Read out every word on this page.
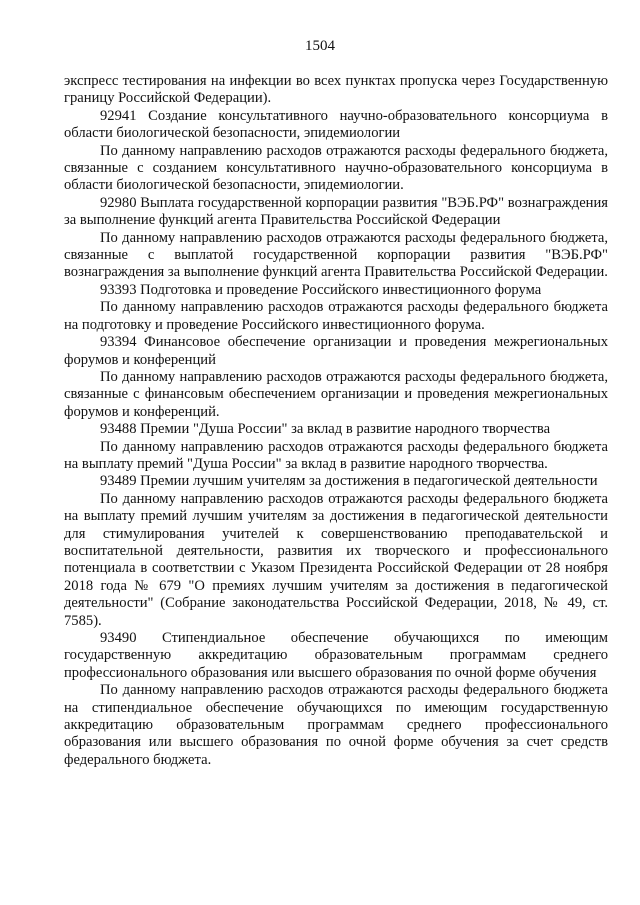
1504

экспресс тестирования на инфекции во всех пунктах пропуска через Государственную границу Российской Федерации).

92941 Создание консультативного научно-образовательного консорциума в области биологической безопасности, эпидемиологии

По данному направлению расходов отражаются расходы федерального бюджета, связанные с созданием консультативного научно-образовательного консорциума в области биологической безопасности, эпидемиологии.

92980 Выплата государственной корпорации развития "ВЭБ.РФ" вознаграждения за выполнение функций агента Правительства Российской Федерации

По данному направлению расходов отражаются расходы федерального бюджета, связанные с выплатой государственной корпорации развития "ВЭБ.РФ" вознаграждения за выполнение функций агента Правительства Российской Федерации.

93393 Подготовка и проведение Российского инвестиционного форума

По данному направлению расходов отражаются расходы федерального бюджета на подготовку и проведение Российского инвестиционного форума.

93394 Финансовое обеспечение организации и проведения межрегиональных форумов и конференций

По данному направлению расходов отражаются расходы федерального бюджета, связанные с финансовым обеспечением организации и проведения межрегиональных форумов и конференций.

93488 Премии "Душа России" за вклад в развитие народного творчества

По данному направлению расходов отражаются расходы федерального бюджета на выплату премий "Душа России" за вклад в развитие народного творчества.

93489 Премии лучшим учителям за достижения в педагогической деятельности

По данному направлению расходов отражаются расходы федерального бюджета на выплату премий лучшим учителям за достижения в педагогической деятельности для стимулирования учителей к совершенствованию преподавательской и воспитательной деятельности, развития их творческого и профессионального потенциала в соответствии с Указом Президента Российской Федерации от 28 ноября 2018 года № 679 "О премиях лучшим учителям за достижения в педагогической деятельности" (Собрание законодательства Российской Федерации, 2018, № 49, ст. 7585).

93490 Стипендиальное обеспечение обучающихся по имеющим государственную аккредитацию образовательным программам среднего профессионального образования или высшего образования по очной форме обучения

По данному направлению расходов отражаются расходы федерального бюджета на стипендиальное обеспечение обучающихся по имеющим государственную аккредитацию образовательным программам среднего профессионального образования или высшего образования по очной форме обучения за счет средств федерального бюджета.
